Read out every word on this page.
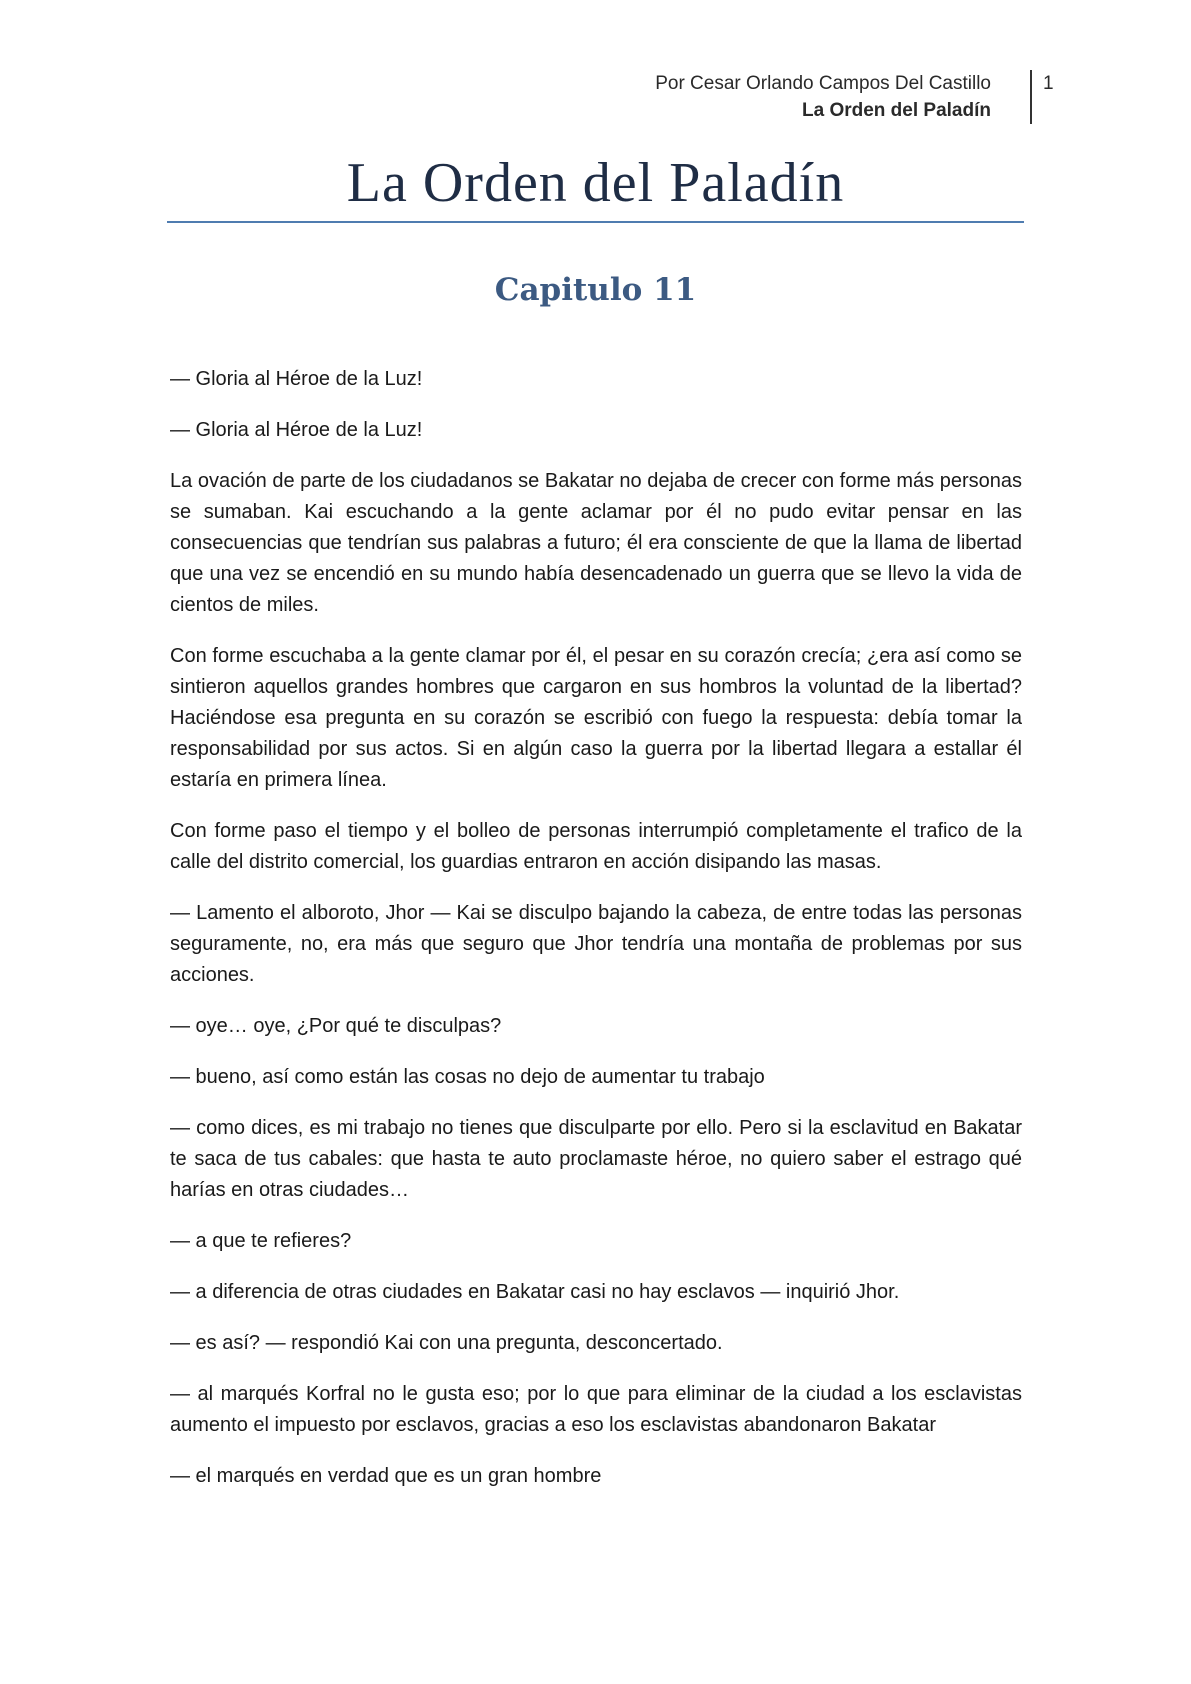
Por Cesar Orlando Campos Del Castillo
La Orden del Paladín
1
La Orden del Paladín
Capitulo 11

— Gloria al Héroe de la Luz!

— Gloria al Héroe de la Luz!

La ovación de parte de los ciudadanos se Bakatar no dejaba de crecer con forme más personas se sumaban. Kai escuchando a la gente aclamar por él no pudo evitar pensar en las consecuencias que tendrían sus palabras a futuro; él era consciente de que la llama de libertad que una vez se encendió en su mundo había desencadenado un guerra que se llevo la vida de cientos de miles.

Con forme escuchaba a la gente clamar por él, el pesar en su corazón crecía; ¿era así como se sintieron aquellos grandes hombres que cargaron en sus hombros la voluntad de la libertad? Haciéndose esa pregunta en su corazón se escribió con fuego la respuesta: debía tomar la responsabilidad por sus actos. Si en algún caso la guerra por la libertad llegara a estallar él estaría en primera línea.

Con forme paso el tiempo y el bolleo de personas interrumpió completamente el trafico de la calle del distrito comercial, los guardias entraron en acción disipando las masas.

— Lamento el alboroto, Jhor — Kai se disculpo bajando la cabeza, de entre todas las personas seguramente, no, era más que seguro que Jhor tendría una montaña de problemas por sus acciones.

— oye… oye, ¿Por qué te disculpas?

— bueno, así como están las cosas no dejo de aumentar tu trabajo

— como dices, es mi trabajo no tienes que disculparte por ello. Pero si la esclavitud en Bakatar te saca de tus cabales: que hasta te auto proclamaste héroe, no quiero saber el estrago qué harías en otras ciudades…

— a que te refieres?

— a diferencia de otras ciudades en Bakatar casi no hay esclavos — inquirió Jhor.

— es así? — respondió Kai con una pregunta, desconcertado.

— al marqués Korfral no le gusta eso; por lo que para eliminar de la ciudad a los esclavistas aumento el impuesto por esclavos, gracias a eso los esclavistas abandonaron Bakatar

— el marqués en verdad que es un gran hombre
